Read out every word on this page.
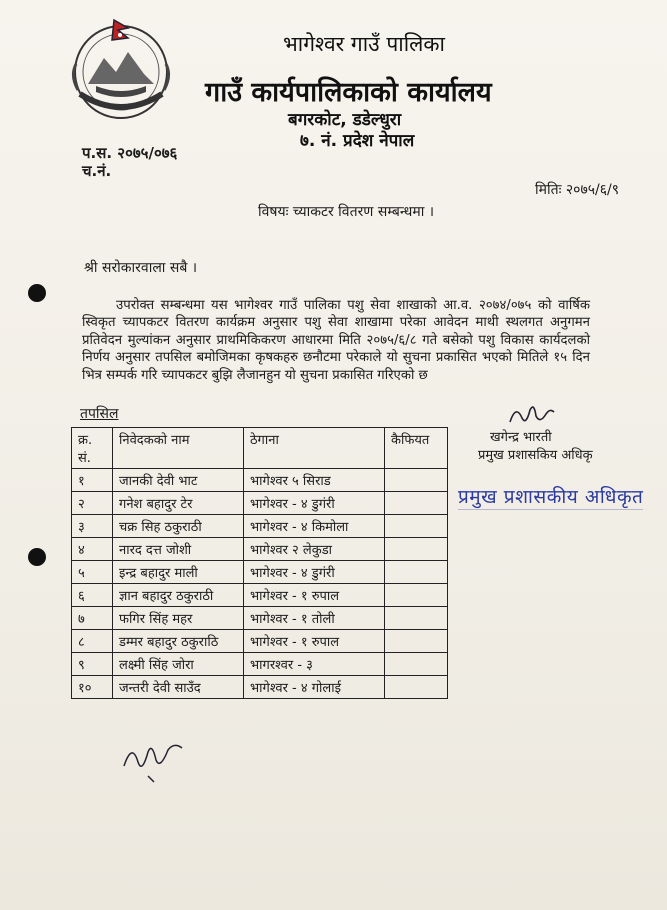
भागेश्वर गाउँ पालिका
गाउँ कार्यपालिकाको कार्यालय
बगरकोट, डडेल्धुरा
७. नं. प्रदेश नेपाल
प.स. २०७५/०७६
च.नं.
मितिः २०७५/६/९
विषयः च्याकटर वितरण सम्बन्धमा ।
श्री सरोकारवाला सबै ।
उपरोक्त सम्बन्धमा यस भागेश्वर गाउँ पालिका पशु सेवा शाखाको आ.व. २०७४/०७५ को वार्षिक स्विकृत च्यापकटर वितरण कार्यक्रम अनुसार पशु सेवा शाखामा परेका आवेदन माथी स्थलगत अनुगमन प्रतिवेदन मुल्यांकन अनुसार प्राथमिकिकरण आधारमा मिति २०७५/६/८ गते बसेको पशु विकास कार्यदलको निर्णय अनुसार तपसिल बमोजिमका कृषकहरु छनौटमा परेकाले यो सुचना प्रकासित भएको मितिले १५ दिन भित्र सम्पर्क गरि च्यापकटर बुझि लैजानहुन यो सुचना प्रकासित गरिएको छ
तपसिल
क्र. सं.	निवेदकको नाम	ठेगाना	कैफियत
१	जानकी देवी भाट	भागेश्वर ५ सिराड	
२	गनेश बहादुर टेर	भागेश्वर - ४ डुगंरी	
३	चक्र सिह ठकुराठी	भागेश्वर - ४ किमोला	
४	नारद दत्त जोशी	भागेश्वर २ लेकुडा	
५	इन्द्र बहादुर माली	भागेश्वर - ४ डुगंरी	
६	ज्ञान बहादुर ठकुराठी	भागेश्वर - १ रुपाल	
७	फगिर सिंह महर	भागेश्वर - १ तोली	
८	डम्मर बहादुर ठकुराठि	भागेश्वर - १ रुपाल	
९	लक्ष्मी सिंह जोरा	भागरश्वर - ३	
१०	जन्तरी देवी साउँद	भागेश्वर - ४ गोलाई	
खगेन्द्र भारती
प्रमुख प्रशासकिय अधिकृ
प्रमुख प्रशासकीय अधिकृत
